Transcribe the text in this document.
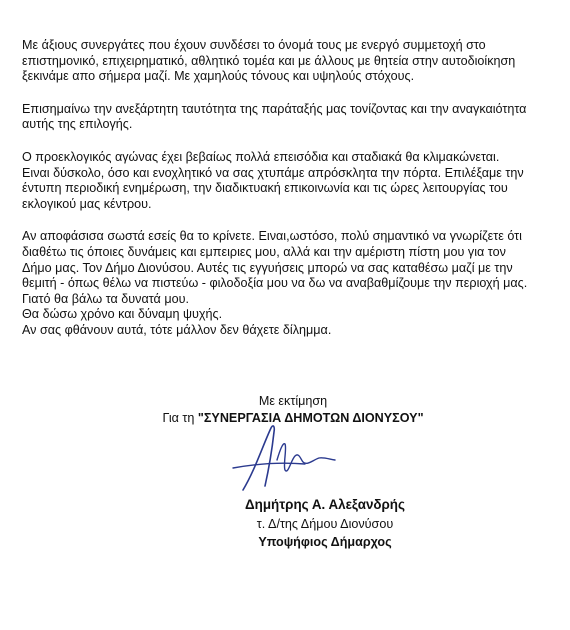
Με άξιους συνεργάτες που έχουν συνδέσει το όνομά τους με ενεργό συμμετοχή στο
επιστημονικό, επιχειρηματικό, αθλητικό τομέα και με άλλους με θητεία στην αυτοδιοίκηση
ξεκινάμε απο σήμερα μαζί. Με χαμηλούς τόνους και υψηλούς στόχους.

Επισημαίνω την ανεξάρτητη ταυτότητα της παράταξής μας τονίζοντας και την αναγκαιότητα
αυτής της επιλογής.

Ο προεκλογικός αγώνας έχει βεβαίως πολλά επεισόδια και σταδιακά θα κλιμακώνεται.
Ειναι δύσκολο, όσο και ενοχλητικό να σας χτυπάμε απρόσκλητα την πόρτα. Επιλέξαμε την
έντυπη περιοδική ενημέρωση, την διαδικτυακή επικοινωνία και τις ώρες λειτουργίας του
εκλογικού μας κέντρου.

Αν αποφάσισα σωστά εσείς θα το κρίνετε. Ειναι,ωστόσο, πολύ σημαντικό να γνωρίζετε ότι
διαθέτω τις όποιες δυνάμεις και εμπειριες μου, αλλά και την αμέριστη πίστη μου για τον
Δήμο μας. Τον Δήμο Διονύσου. Αυτές τις εγγυήσεις μπορώ να σας καταθέσω μαζί με την
θεμιτή - όπως θέλω να πιστεύω - φιλοδοξία μου να δω να αναβαθμίζουμε την περιοχή μας.
Γιατό θα βάλω τα δυνατά μου.
Θα δώσω χρόνο και δύναμη ψυχής.
Αν σας φθάνουν αυτά, τότε μάλλον δεν θάχετε δίλημμα.

Με εκτίμηση
Για τη "ΣΥΝΕΡΓΑΣΙΑ ΔΗΜΟΤΩΝ ΔΙΟΝΥΣΟΥ"
Δημήτρης Α. Αλεξανδρής
τ. Δ/της Δήμου Διονύσου
Υποψήφιος Δήμαρχος
